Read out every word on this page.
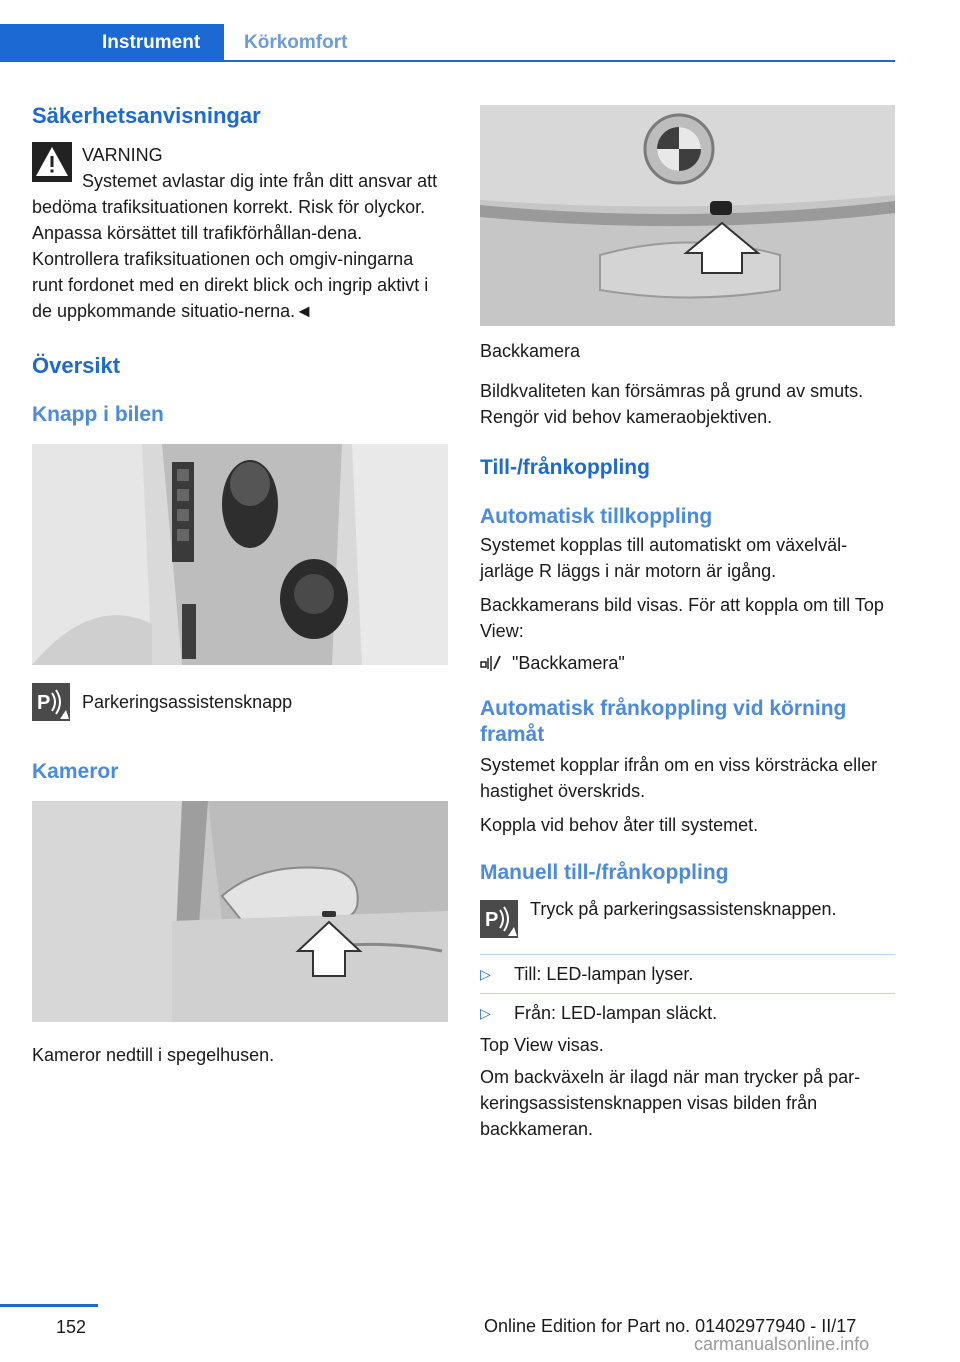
Instrument	Körkomfort
Säkerhetsanvisningar

VARNING

Systemet avlastar dig inte från ditt ansvar att bedöma trafiksituationen korrekt. Risk för olyckor. Anpassa körsättet till trafikförhållan-dena. Kontrollera trafiksituationen och omgiv-ningarna runt fordonet med en direkt blick och ingrip aktivt i de uppkommande situatio-nerna.◄

Översikt
Knapp i bilen
P Parkeringsassistensknapp

Kameror

Kameror nedtill i spegelhusen.

Backkamera

Bildkvaliteten kan försämras på grund av smuts. Rengör vid behov kameraobjektiven.

Till-/frånkoppling
Automatisk tillkoppling

Systemet kopplas till automatiskt om växelväl-jarläge R läggs i när motorn är igång.

Backkamerans bild visas. För att koppla om till Top View:

"Backkamera"

Automatisk frånkoppling vid körning framåt

Systemet kopplar ifrån om en viss körsträcka eller hastighet överskrids.

Koppla vid behov åter till systemet.

Manuell till-/frånkoppling
P Tryck på parkeringsassistensknappen.

▷	Till: LED-lampan lyser.
▷	Från: LED-lampan släckt.

Top View visas.

Om backväxeln är ilagd när man trycker på par-keringsassistensknappen visas bilden från backkameran.

152	Online Edition for Part no. 01402977940 - II/17
carmanualsonline.info
